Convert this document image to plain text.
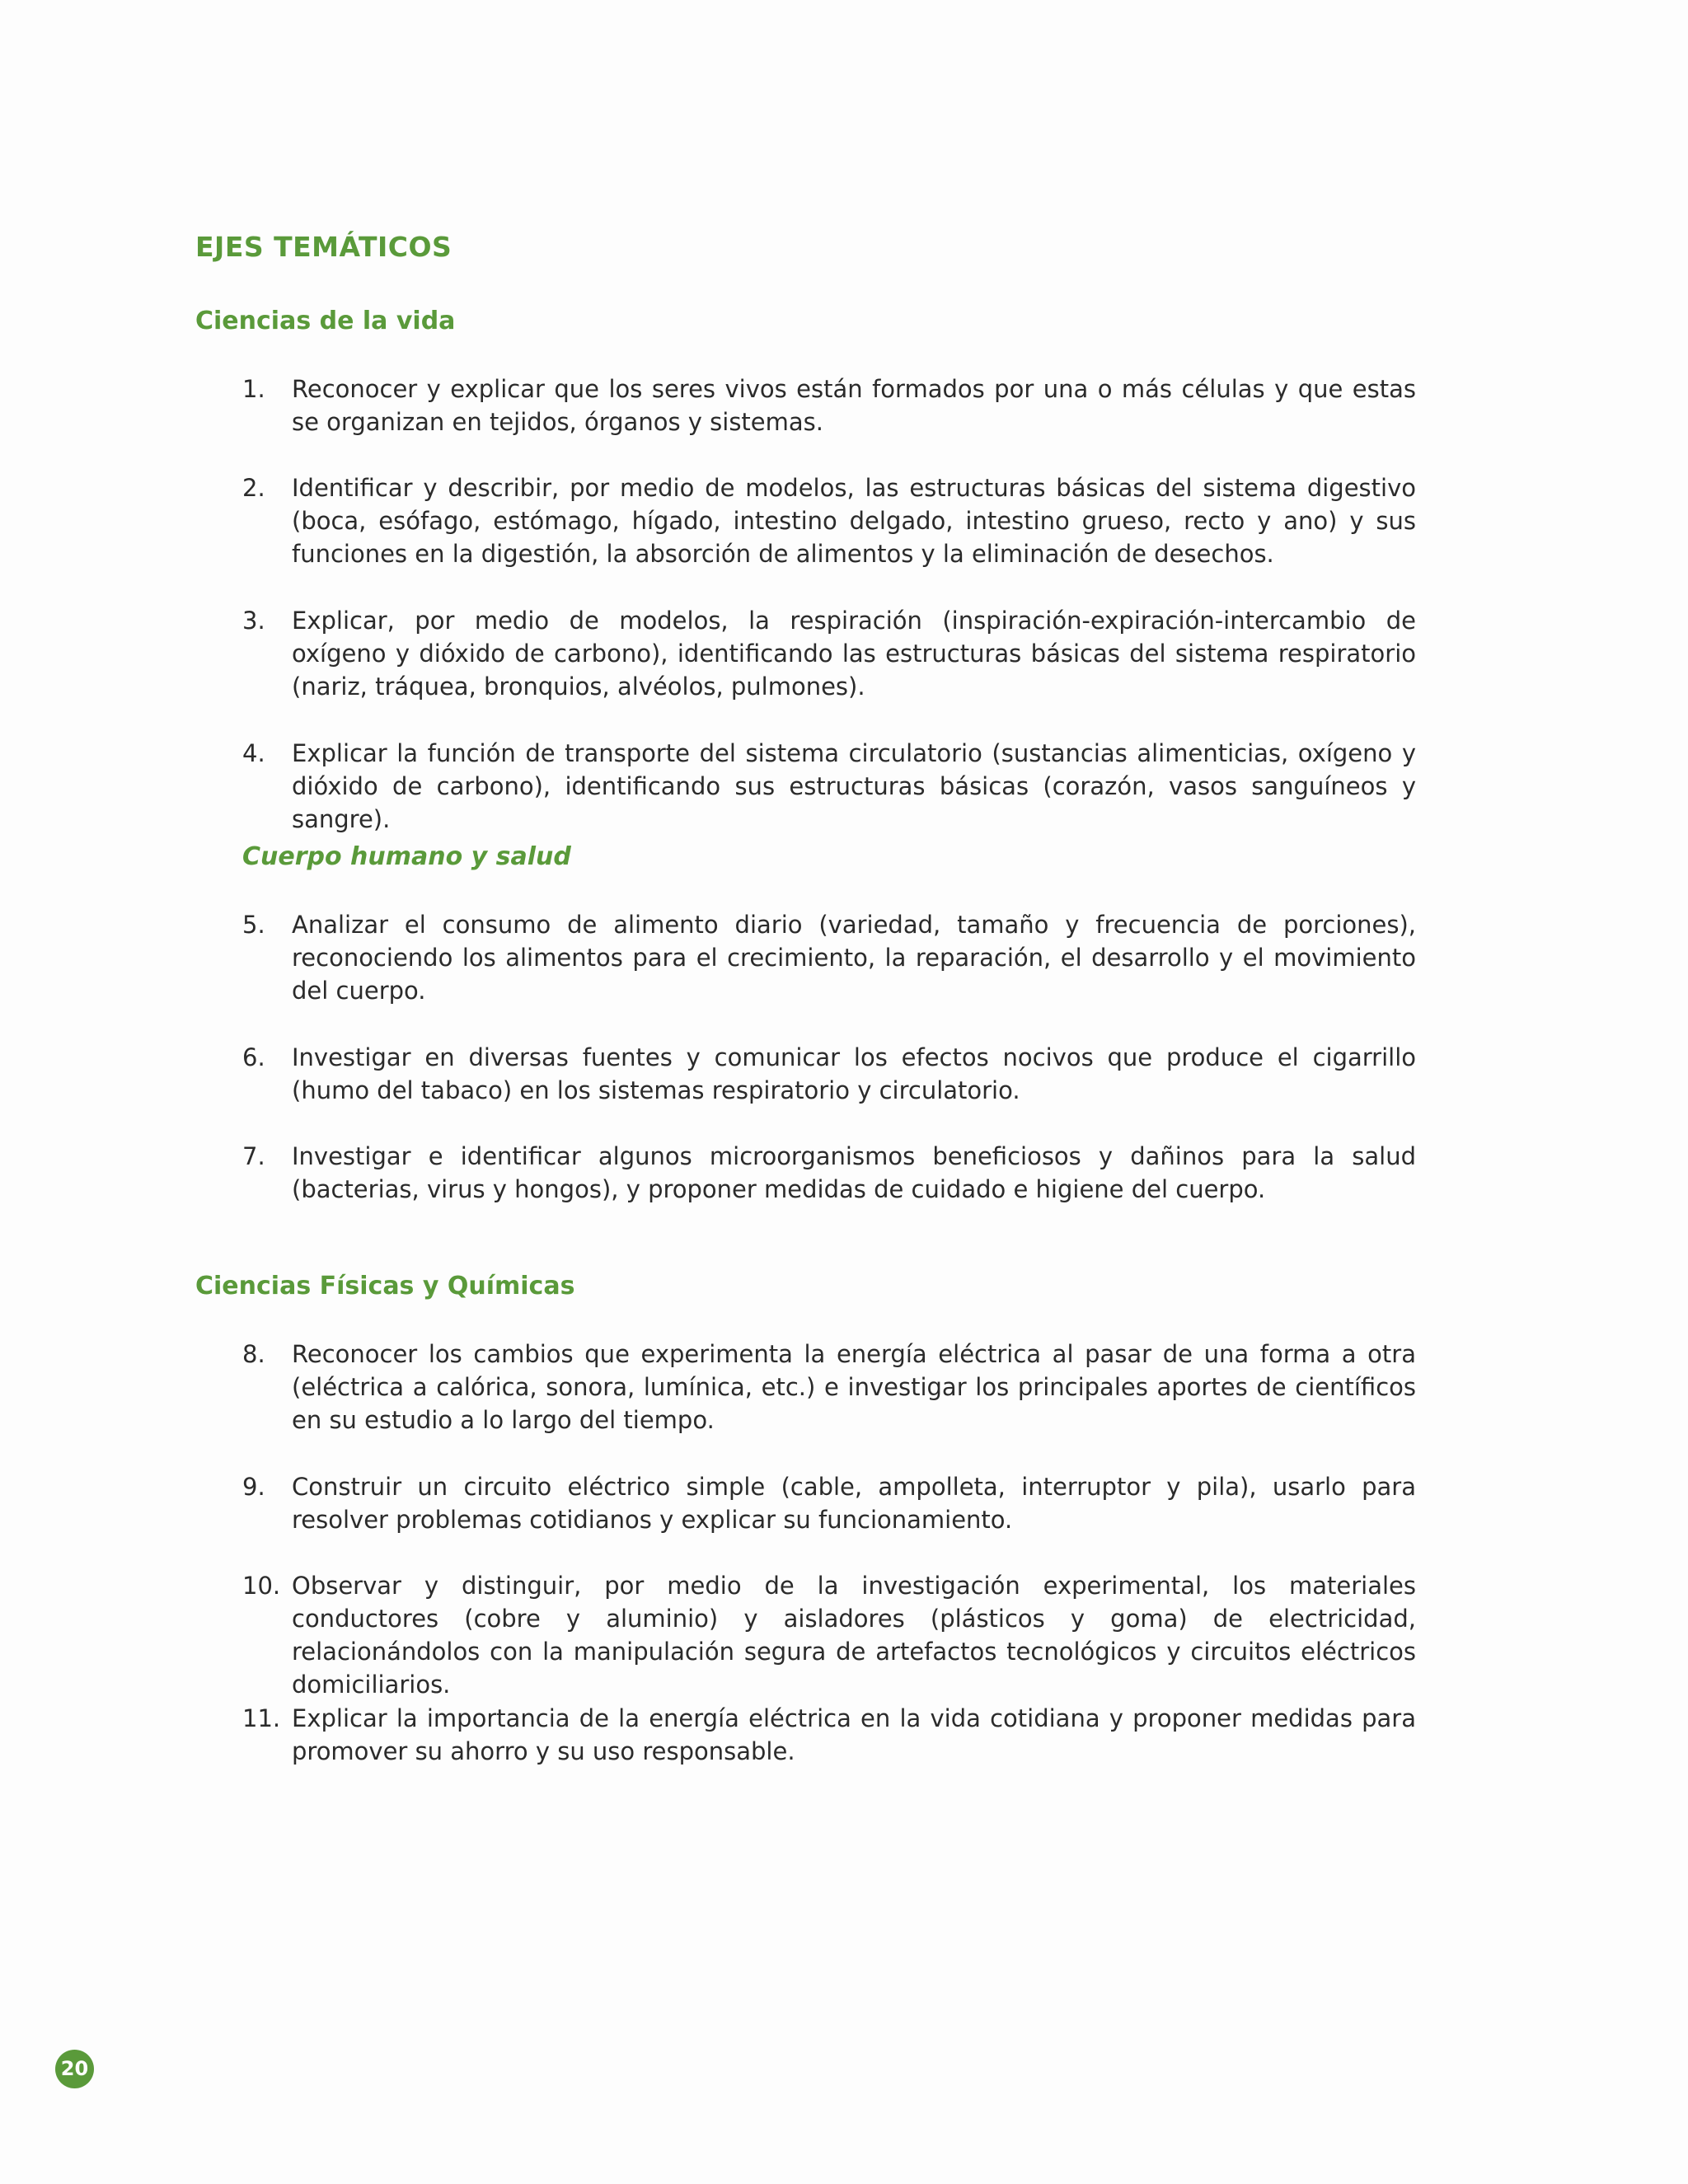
EJES TEMÁTICOS
Ciencias de la vida
1.	Reconocer y explicar que los seres vivos están formados por una o más células y que estas se organizan en tejidos, órganos y sistemas.
2.	Identificar y describir, por medio de modelos, las estructuras básicas del sistema digestivo (boca, esófago, estómago, hígado, intestino delgado, intestino grueso, recto y ano) y sus funciones en la digestión, la absorción de alimentos y la eliminación de desechos.
3.	Explicar, por medio de modelos, la respiración (inspiración-expiración-intercambio de oxígeno y dióxido de carbono), identificando las estructuras básicas del sistema respiratorio (nariz, tráquea, bronquios, alvéolos, pulmones).
4.	Explicar la función de transporte del sistema circulatorio (sustancias alimenticias, oxígeno y dióxido de carbono), identificando sus estructuras básicas (corazón, vasos sanguíneos y sangre).
Cuerpo humano y salud
5.	Analizar el consumo de alimento diario (variedad, tamaño y frecuencia de porciones), reconociendo los alimentos para el crecimiento, la reparación, el desarrollo y el movimiento del cuerpo.
6.	Investigar en diversas fuentes y comunicar los efectos nocivos que produce el cigarrillo (humo del tabaco) en los sistemas respiratorio y circulatorio.
7.	Investigar e identificar algunos microorganismos beneficiosos y dañinos para la salud (bacterias, virus y hongos), y proponer medidas de cuidado e higiene del cuerpo.
Ciencias Físicas y Químicas
8.	Reconocer los cambios que experimenta la energía eléctrica al pasar de una forma a otra (eléctrica a calórica, sonora, lumínica, etc.) e investigar los principales aportes de científicos en su estudio a lo largo del tiempo.
9.	Construir un circuito eléctrico simple (cable, ampolleta, interruptor y pila), usarlo para resolver problemas cotidianos y explicar su funcionamiento.
10. Observar y distinguir, por medio de la investigación experimental, los materiales conductores (cobre y aluminio) y aisladores (plásticos y goma) de electricidad, relacionándolos con la manipulación segura de artefactos tecnológicos y circuitos eléctricos domiciliarios.
11. Explicar la importancia de la energía eléctrica en la vida cotidiana y proponer medidas para promover su ahorro y su uso responsable.
20
